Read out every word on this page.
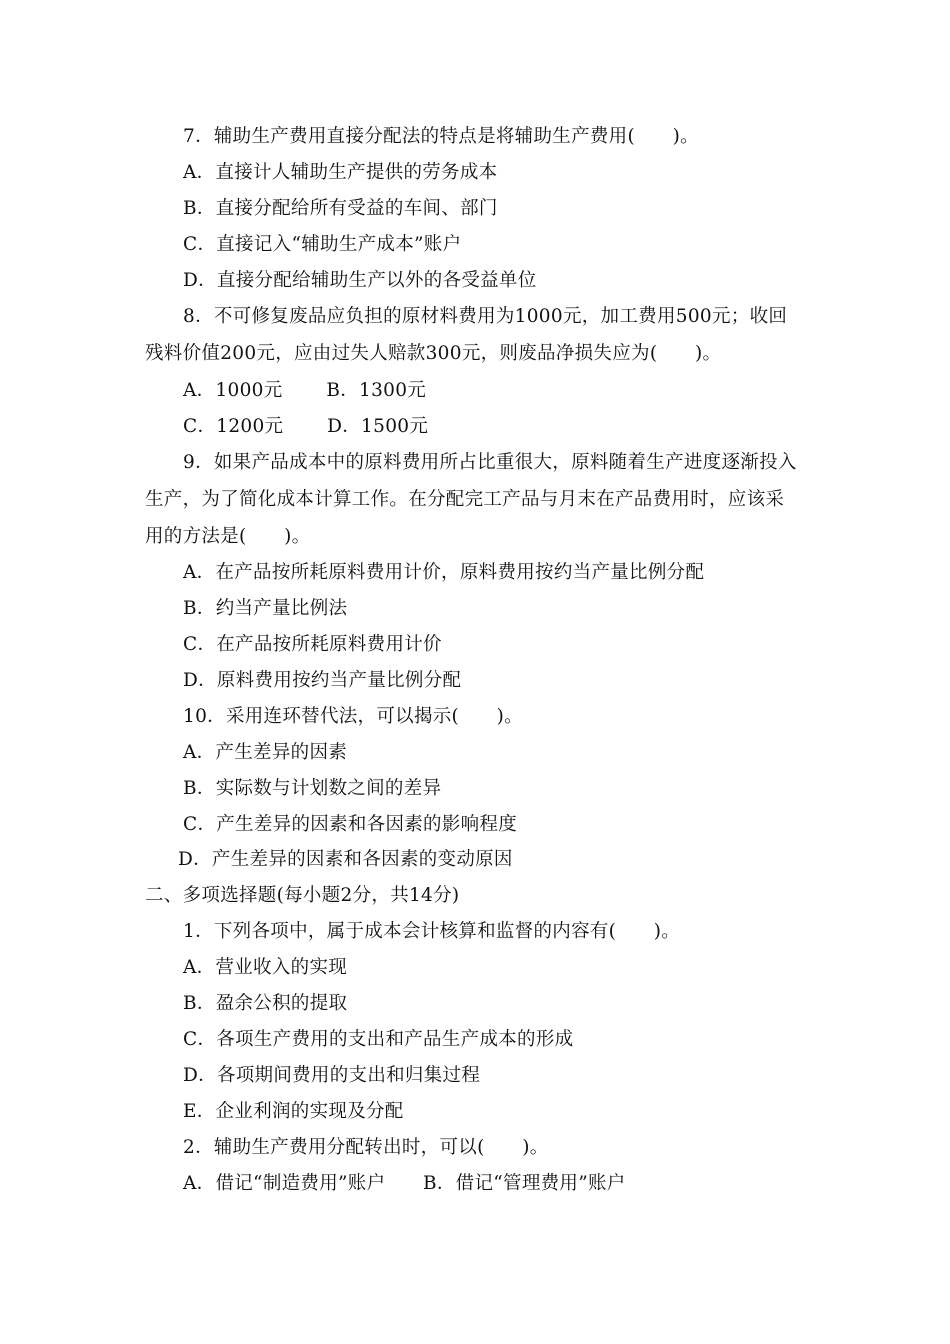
7．辅助生产费用直接分配法的特点是将辅助生产费用(　　)。
A．直接计人辅助生产提供的劳务成本
B．直接分配给所有受益的车间、部门
C．直接记入“辅助生产成本”账户
D．直接分配给辅助生产以外的各受益单位
8．不可修复废品应负担的原材料费用为1000元，加工费用500元；收回
残料价值200元，应由过失人赔款300元，则废品净损失应为(　　)。
A．1000元　　 B．1300元
C．1200元　　 D．1500元
9．如果产品成本中的原料费用所占比重很大，原料随着生产进度逐渐投入
生产，为了简化成本计算工作。在分配完工产品与月末在产品费用时，应该采
用的方法是(　　)。
A．在产品按所耗原料费用计价，原料费用按约当产量比例分配
B．约当产量比例法
C．在产品按所耗原料费用计价
D．原料费用按约当产量比例分配
10．采用连环替代法，可以揭示(　　)。
A．产生差异的因素
B．实际数与计划数之间的差异
C．产生差异的因素和各因素的影响程度
D．产生差异的因素和各因素的变动原因
二、多项选择题(每小题2分，共14分)
1．下列各项中，属于成本会计核算和监督的内容有(　　)。
A．营业收入的实现
B．盈余公积的提取
C．各项生产费用的支出和产品生产成本的形成
D．各项期间费用的支出和归集过程
E．企业利润的实现及分配
2．辅助生产费用分配转出时，可以(　　)。
A．借记“制造费用”账户　　B．借记“管理费用”账户
